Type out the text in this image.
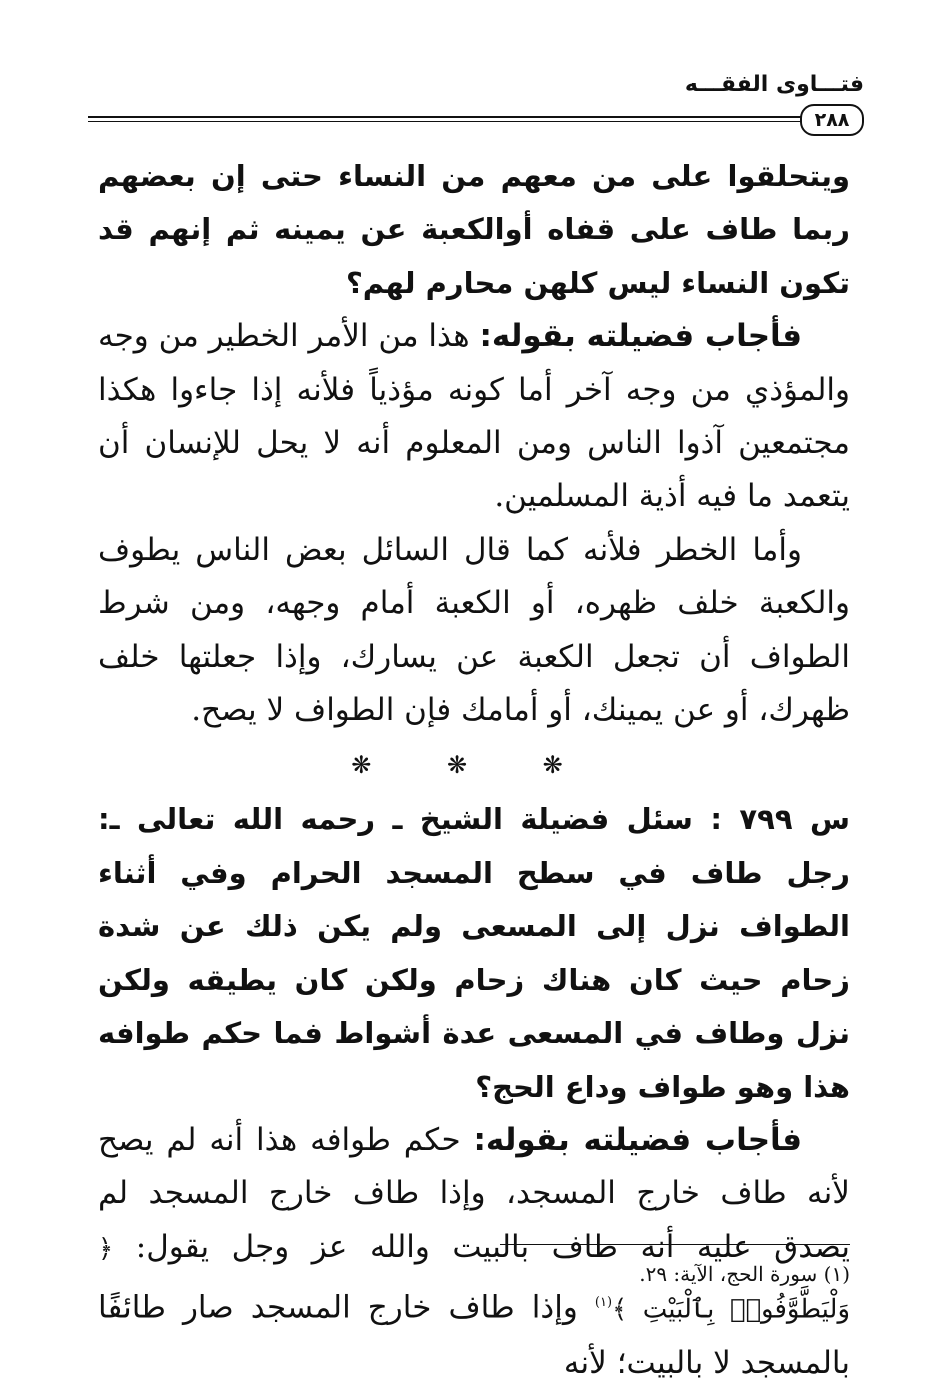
فتـــاوى الفقـــه
٢٨٨

ويتحلقوا على من معهم من النساء حتى إن بعضهم ربما طاف على قفاه أوالكعبة عن يمينه ثم إنهم قد تكون النساء ليس كلهن محارم لهم؟

فأجاب فضيلته بقوله: هذا من الأمر الخطير من وجه والمؤذي من وجه آخر أما كونه مؤذياً فلأنه إذا جاءوا هكذا مجتمعين آذوا الناس ومن المعلوم أنه لا يحل للإنسان أن يتعمد ما فيه أذية المسلمين.

وأما الخطر فلأنه كما قال السائل بعض الناس يطوف والكعبة خلف ظهره، أو الكعبة أمام وجهه، ومن شرط الطواف أن تجعل الكعبة عن يسارك، وإذا جعلتها خلف ظهرك، أو عن يمينك، أو أمامك فإن الطواف لا يصح.

❋ ❋ ❋

س ٧٩٩ : سئل فضيلة الشيخ ـ رحمه الله تعالى ـ: رجل طاف في سطح المسجد الحرام وفي أثناء الطواف نزل إلى المسعى ولم يكن ذلك عن شدة زحام حيث كان هناك زحام ولكن كان يطيقه ولكن نزل وطاف في المسعى عدة أشواط فما حكم طوافه هذا وهو طواف وداع الحج؟

فأجاب فضيلته بقوله: حكم طوافه هذا أنه لم يصح لأنه طاف خارج المسجد، وإذا طاف خارج المسجد لم يصدق عليه أنه طاف بالبيت والله عز وجل يقول: ﴿ وَلْيَطَّوَّفُوا۟ بِٱلْبَيْتِ ﴾$^{(١)}$ وإذا طاف خارج المسجد صار طائفًا بالمسجد لا بالبيت؛ لأنه

(١) سورة الحج، الآية: ٢٩.
